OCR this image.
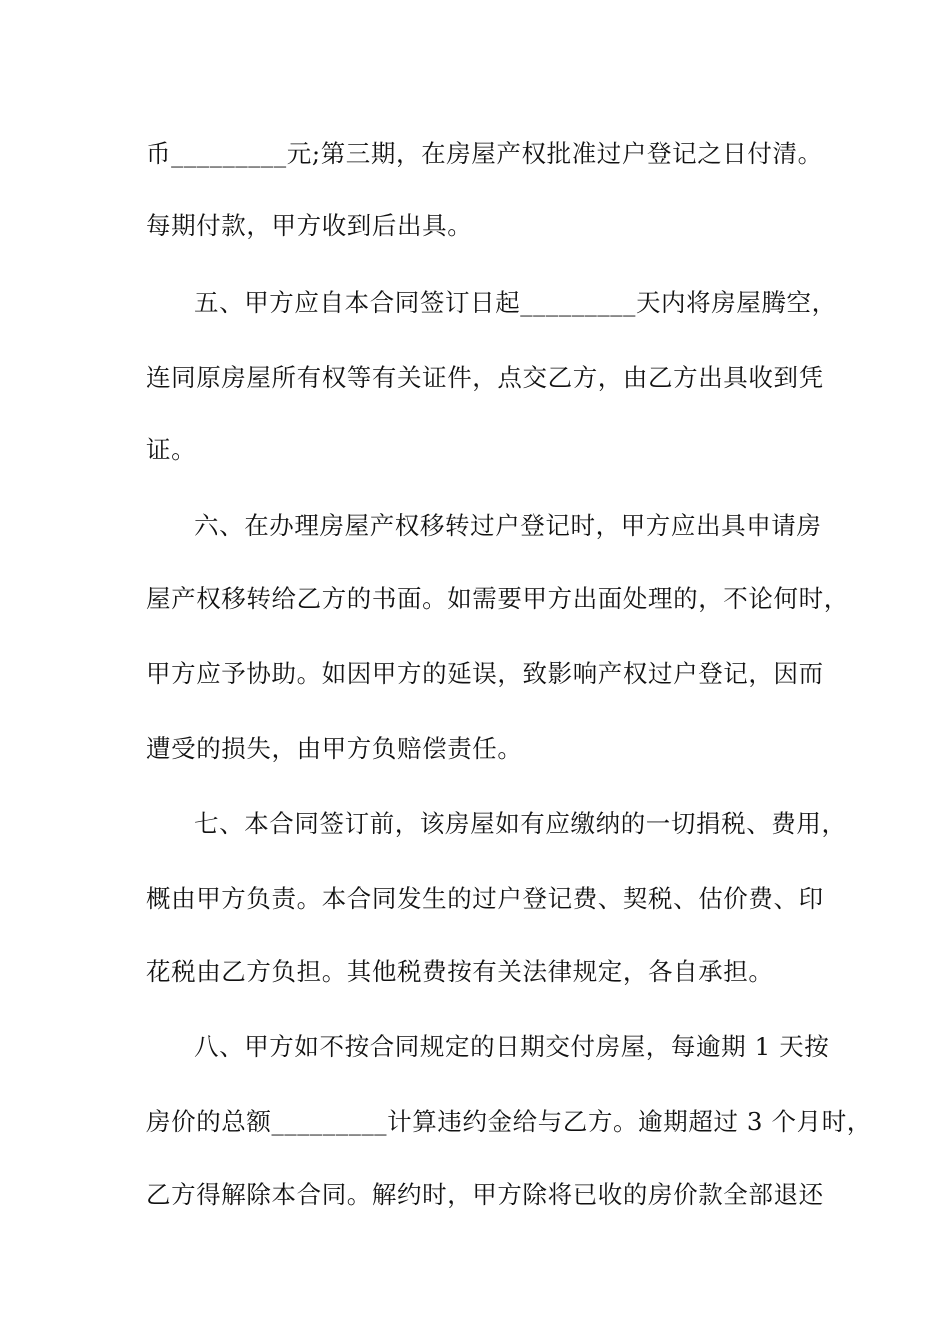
币_________元;第三期，在房屋产权批准过户登记之日付清。
每期付款，甲方收到后出具。
五、甲方应自本合同签订日起_________天内将房屋腾空，
连同原房屋所有权等有关证件，点交乙方，由乙方出具收到凭
证。
六、在办理房屋产权移转过户登记时，甲方应出具申请房
屋产权移转给乙方的书面。如需要甲方出面处理的，不论何时，
甲方应予协助。如因甲方的延误，致影响产权过户登记，因而
遭受的损失，由甲方负赔偿责任。
七、本合同签订前，该房屋如有应缴纳的一切捐税、费用，
概由甲方负责。本合同发生的过户登记费、契税、估价费、印
花税由乙方负担。其他税费按有关法律规定，各自承担。
八、甲方如不按合同规定的日期交付房屋，每逾期 1 天按
房价的总额_________计算违约金给与乙方。逾期超过 3 个月时，
乙方得解除本合同。解约时，甲方除将已收的房价款全部退还
